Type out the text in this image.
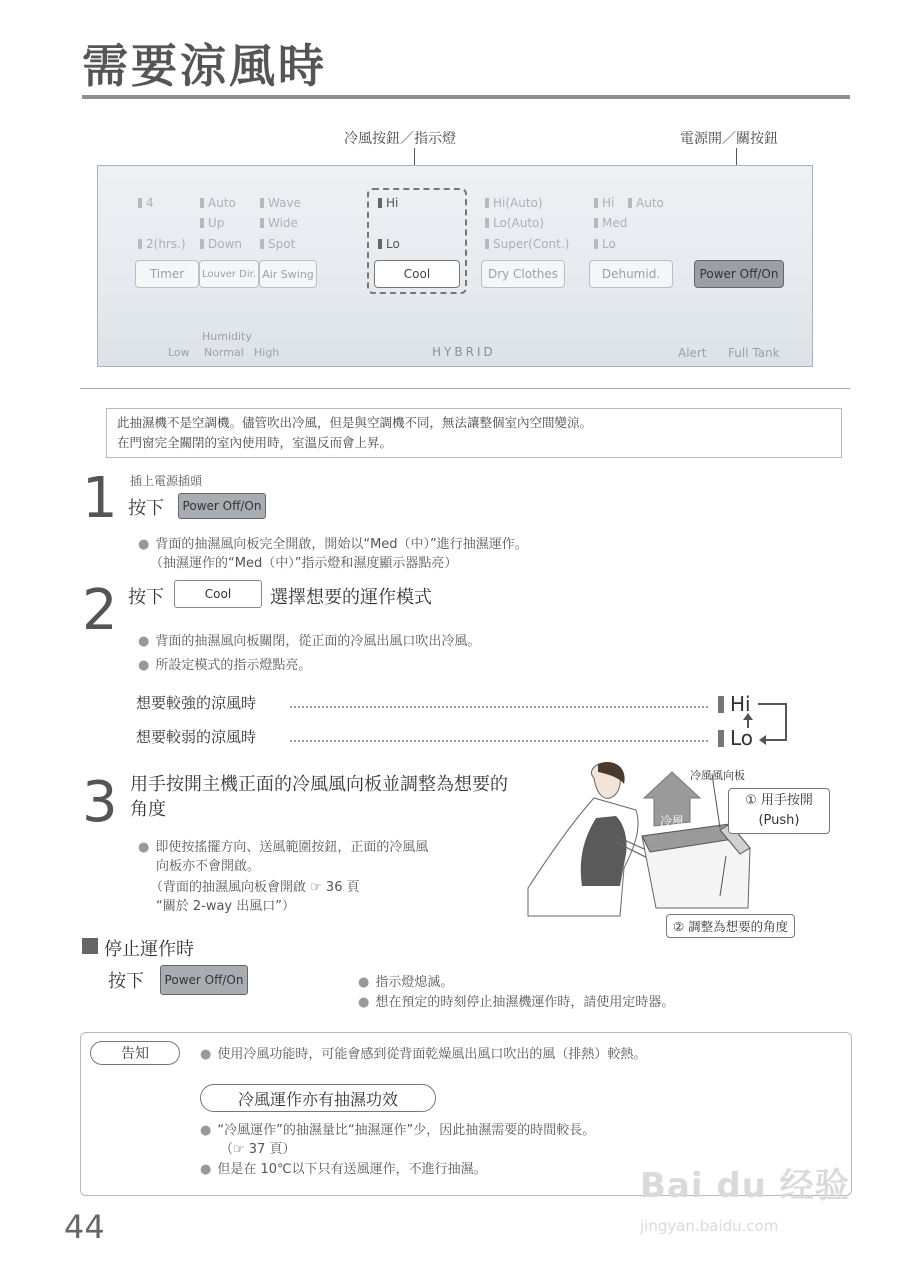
需要涼風時
冷風按鈕／指示燈	電源開／關按鈕
4
2(hrs.)
Auto
Up
Down
Wave
Wide
Spot
Hi
Lo
Hi(Auto)
Lo(Auto)
Super(Cont.)
Hi	Auto
Med
Lo
Timer	Louver Dir. Air Swing	Cool	Dry Clothes	Dehumid.	Power Off/On
Humidity
Low Normal High	HYBRID	Alert Full Tank
此抽濕機不是空調機。儘管吹出冷風，但是與空調機不同，無法讓整個室內空間變涼。
在門窗完全關閉的室內使用時，室溫反而會上昇。
1 插上電源插頭
按下	Power Off/On
● 背面的抽濕風向板完全開啟，開始以“Med（中）”進行抽濕運作。
（抽濕運作的“Med（中）”指示燈和濕度顯示器點亮）
2 按下	Cool	選擇想要的運作模式
● 背面的抽濕風向板關閉，從正面的冷風出風口吹出冷風。
● 所設定模式的指示燈點亮。
想要較強的涼風時	Hi
想要較弱的涼風時	Lo
3 用手按開主機正面的冷風風向板並調整為想要的
角度
● 即使按搖擺方向、送風範圍按鈕，正面的冷風風
向板亦不會開啟。
（背面的抽濕風向板會開啟 ☞ 36 頁
“關於 2-way 出風口”）
冷風
冷風風向板
① 用手按開
(Push)
② 調整為想要的角度
停止運作時
按下	Power Off/On	● 指示燈熄滅。
● 想在預定的時刻停止抽濕機運作時，請使用定時器。
告知	● 使用冷風功能時，可能會感到從背面乾燥風出風口吹出的風（排熱）較熱。
冷風運作亦有抽濕功效
● “冷風運作”的抽濕量比“抽濕運作”少，因此抽濕需要的時間較長。
（☞ 37 頁）
● 但是在 10℃以下只有送風運作，不進行抽濕。
44
Bai du 经验
jingyan.baidu.com
